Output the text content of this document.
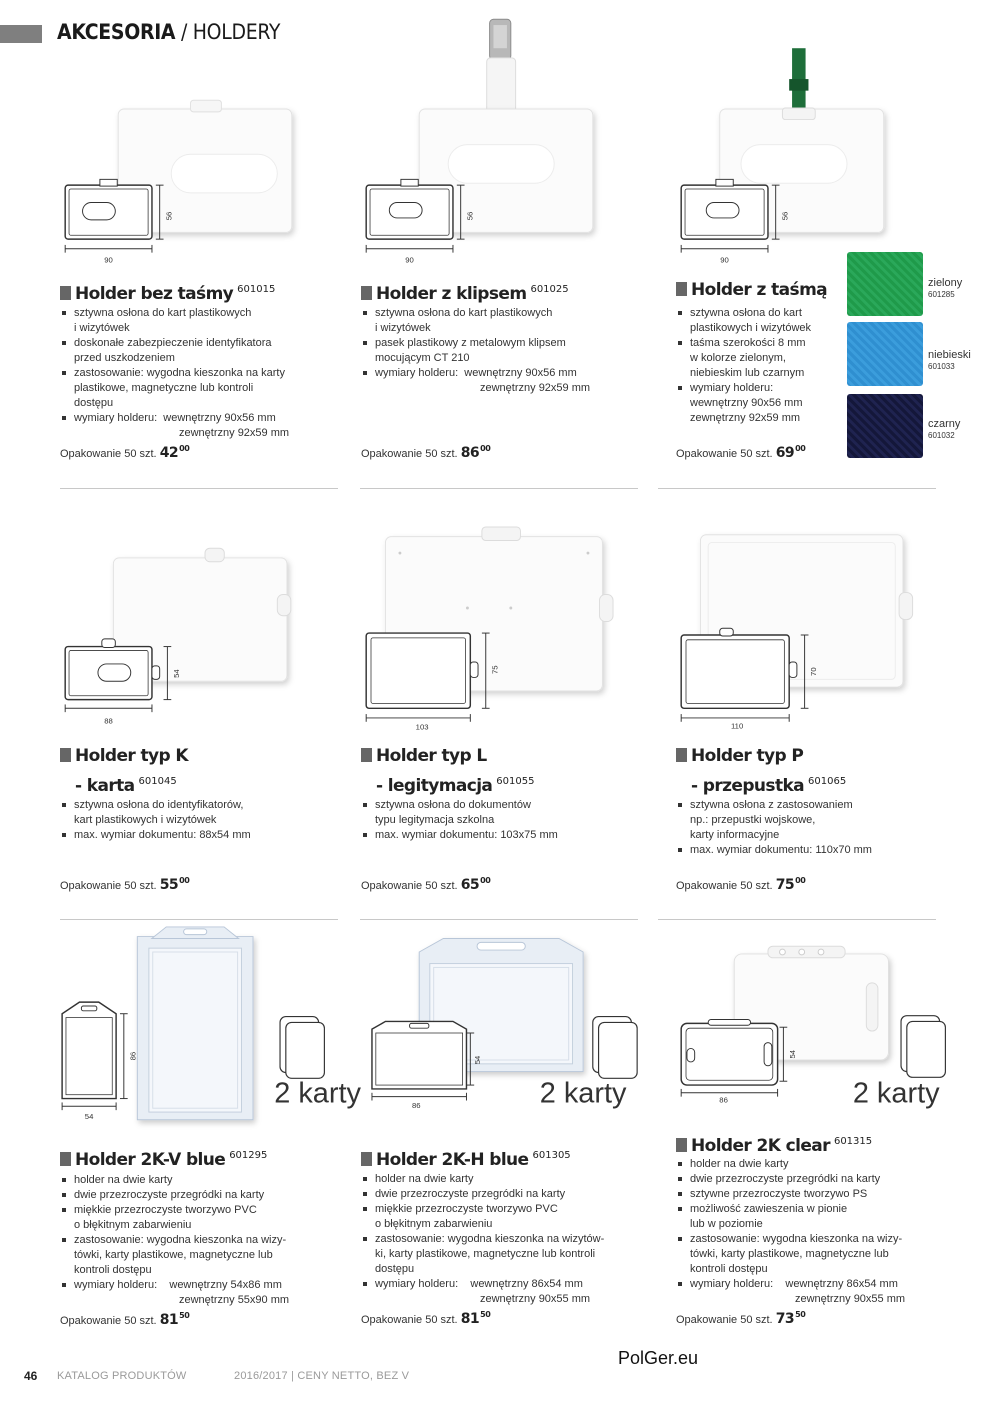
AKCESORIA / HOLDERY
90
56
Holder bez taśmy $^{601015}$
sztywna osłona do kart plastikowych
i wizytówek
doskonałe zabezpieczenie identyfikatora
przed uszkodzeniem
zastosowanie: wygodna kieszonka na karty
plastikowe, magnetyczne lub kontroli
dostępu
wymiary holderu: wewnętrzny 90x56 mm
zewnętrzny 92x59 mm
Opakowanie 50 szt. $42^{00}$
90
56
Holder z klipsem $^{601025}$
sztywna osłona do kart plastikowych
i wizytówek
pasek plastikowy z metalowym klipsem
mocującym CT 210
wymiary holderu: wewnętrzny 90x56 mm
zewnętrzny 92x59 mm
Opakowanie 50 szt. $86^{00}$
90
56
Holder z taśmą
sztywna osłona do kart
plastikowych i wizytówek
taśma szerokości 8 mm
w kolorze zielonym,
niebieskim lub czarnym
wymiary holderu:
wewnętrzny 90x56 mm
zewnętrzny 92x59 mm
Opakowanie 50 szt. $69^{00}$
zielony
601285
niebieski
601033
czarny
601032
88
54
Holder typ K
- karta $^{601045}$
sztywna osłona do identyfikatorów,
kart plastikowych i wizytówek
max. wymiar dokumentu: 88x54 mm
Opakowanie 50 szt. $55^{00}$
103
75
Holder typ L
- legitymacja $^{601055}$
sztywna osłona do dokumentów
typu legitymacja szkolna
max. wymiar dokumentu: 103x75 mm
Opakowanie 50 szt. $65^{00}$
110
70
Holder typ P
- przepustka $^{601065}$
sztywna osłona z zastosowaniem
np.: przepustki wojskowe,
karty informacyjne
max. wymiar dokumentu: 110x70 mm
Opakowanie 50 szt. $75^{00}$
54
86
2 karty
Holder 2K-V blue $^{601295}$
holder na dwie karty
dwie przezroczyste przegródki na karty
miękkie przezroczyste tworzywo PVC
o błękitnym zabarwieniu
zastosowanie: wygodna kieszonka na wizy-
tówki, karty plastikowe, magnetyczne lub
kontroli dostępu
wymiary holderu: wewnętrzny 54x86 mm
zewnętrzny 55x90 mm
Opakowanie 50 szt. $81^{50}$
86
54
2 karty
Holder 2K-H blue $^{601305}$
holder na dwie karty
dwie przezroczyste przegródki na karty
miękkie przezroczyste tworzywo PVC
o błękitnym zabarwieniu
zastosowanie: wygodna kieszonka na wizytów-
ki, karty plastikowe, magnetyczne lub kontroli
dostępu
wymiary holderu: wewnętrzny 86x54 mm
zewnętrzny 90x55 mm
Opakowanie 50 szt. $81^{50}$
86
54
2 karty
Holder 2K clear $^{601315}$
holder na dwie karty
dwie przezroczyste przegródki na karty
sztywne przezroczyste tworzywo PS
możliwość zawieszenia w pionie
lub w poziomie
zastosowanie: wygodna kieszonka na wizy-
tówki, karty plastikowe, magnetyczne lub
kontroli dostępu
wymiary holderu: wewnętrzny 86x54 mm
zewnętrzny 90x55 mm
Opakowanie 50 szt. $73^{50}$
PolGer.eu
46 KATALOG PRODUKTÓW	2016/2017 | CENY NETTO, BEZ V
